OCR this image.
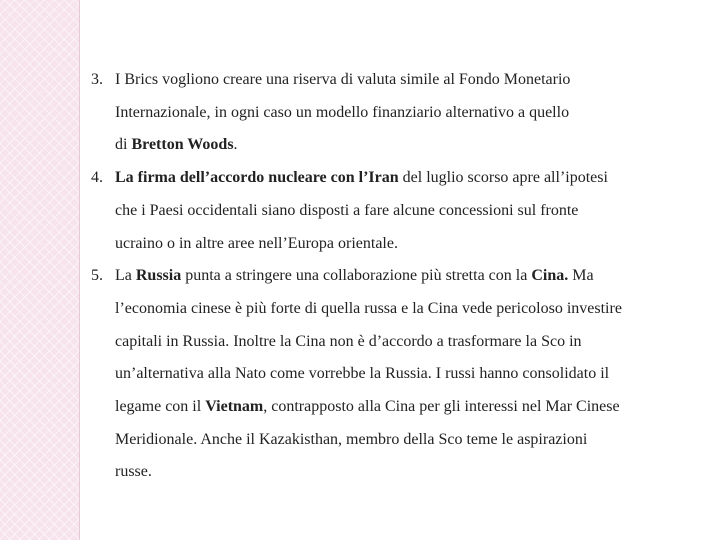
3. I Brics vogliono creare una riserva di valuta simile al Fondo Monetario
Internazionale, in ogni caso un modello finanziario alternativo a quello
di Bretton Woods.
4. La firma dell’accordo nucleare con l’Iran del luglio scorso apre all’ipotesi
che i Paesi occidentali siano disposti a fare alcune concessioni sul fronte
ucraino o in altre aree nell’Europa orientale.
5. La Russia punta a stringere una collaborazione più stretta con la Cina. Ma
l’economia cinese è più forte di quella russa e la Cina vede pericoloso investire
capitali in Russia. Inoltre la Cina non è d’accordo a trasformare la Sco in
un’alternativa alla Nato come vorrebbe la Russia. I russi hanno consolidato il
legame con il Vietnam, contrapposto alla Cina per gli interessi nel Mar Cinese
Meridionale. Anche il Kazakisthan, membro della Sco teme le aspirazioni
russe.
